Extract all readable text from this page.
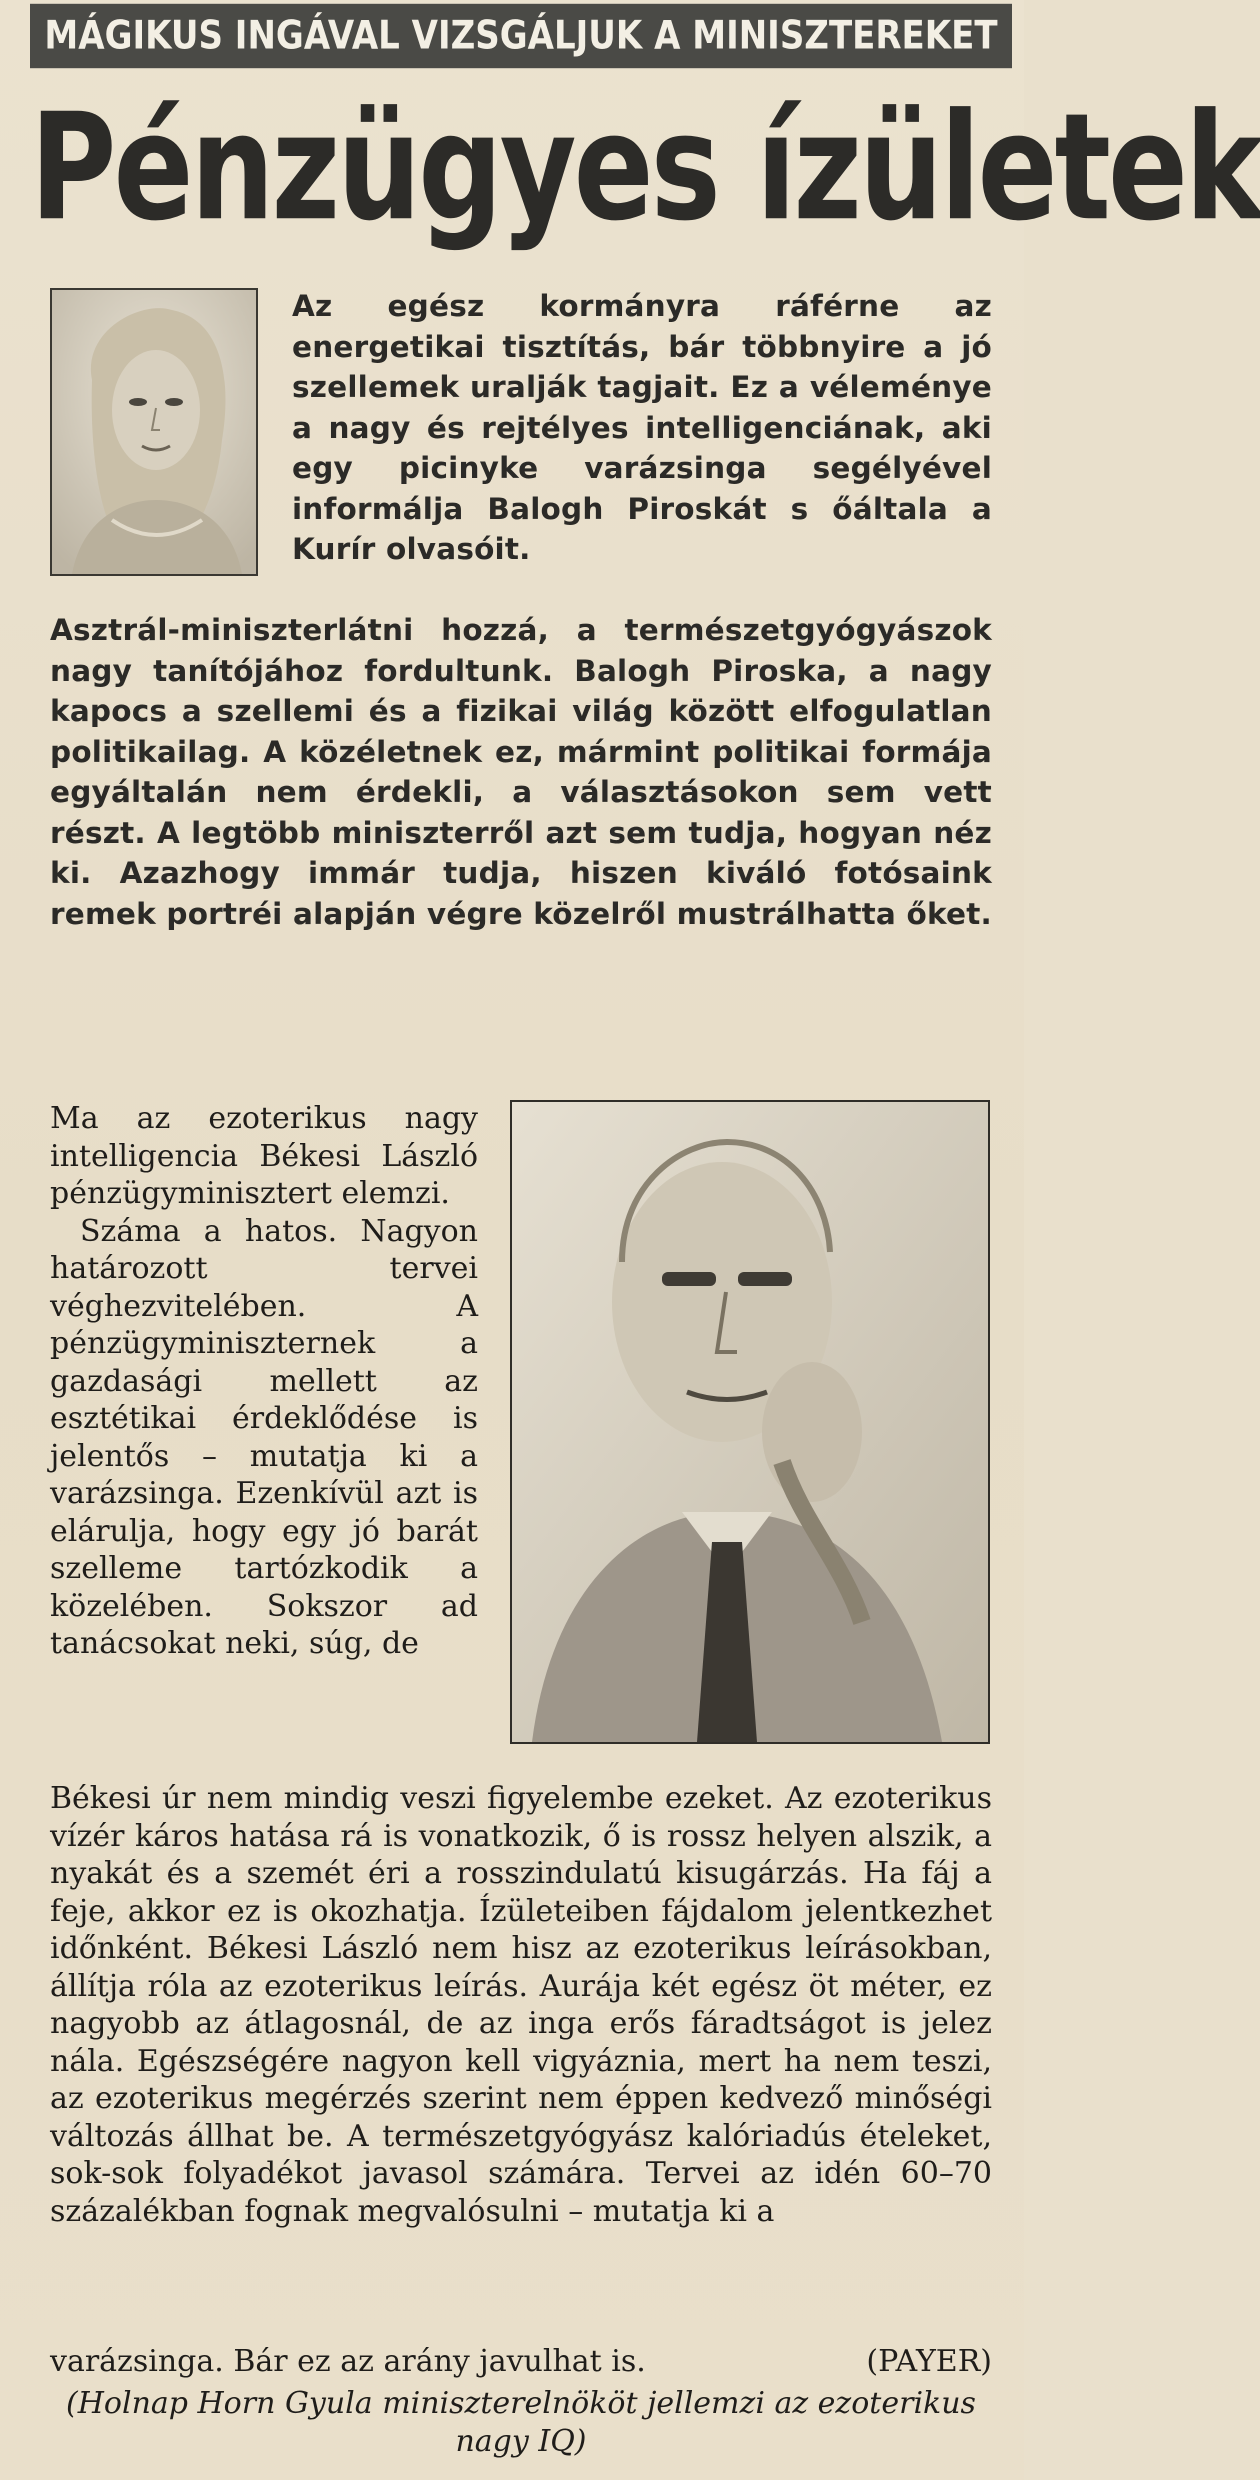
MÁGIKUS INGÁVAL VIZSGÁLJUK A MINISZTEREKET
Pénzügyes ízületek
Az egész kormányra ráférne az energetikai tisztítás, bár többnyire a jó szellemek uralják tagjait. Ez a véleménye a nagy és rejtélyes intelligenciának, aki egy picinyke varázsinga segélyével informálja Balogh Piroskát s őáltala a Kurír olvasóit.
Asztrál-miniszterlátni hozzá, a természetgyógyászok nagy tanítójához fordultunk. Balogh Piroska, a nagy kapocs a szellemi és a fizikai világ között elfogulatlan politikailag. A közéletnek ez, mármint politikai formája egyáltalán nem érdekli, a választásokon sem vett részt. A legtöbb miniszterről azt sem tudja, hogyan néz ki. Azazhogy immár tudja, hiszen kiváló fotósaink remek portréi alapján végre közelről mustrálhatta őket.

Ma az ezoterikus nagy intelligencia Békesi László pénzügyminisztert elemzi.

Száma a hatos. Nagyon határozott tervei véghezvitelében. A pénzügyminiszternek a gazdasági mellett az esztétikai érdeklődése is jelentős – mutatja ki a varázsinga. Ezenkívül azt is elárulja, hogy egy jó barát szelleme tartózkodik a közelében. Sokszor ad tanácsokat neki, súg, de

Békesi úr nem mindig veszi figyelembe ezeket. Az ezoterikus vízér káros hatása rá is vonatkozik, ő is rossz helyen alszik, a nyakát és a szemét éri a rosszindulatú kisugárzás. Ha fáj a feje, akkor ez is okozhatja. Ízületeiben fájdalom jelentkezhet időnként. Békesi László nem hisz az ezoterikus leírásokban, állítja róla az ezoterikus leírás. Aurája két egész öt méter, ez nagyobb az átlagosnál, de az inga erős fáradtságot is jelez nála. Egészségére nagyon kell vigyáznia, mert ha nem teszi, az ezoterikus megérzés szerint nem éppen kedvező minőségi változás állhat be. A természetgyógyász kalóriadús ételeket, sok-sok folyadékot javasol számára. Tervei az idén 60–70 százalékban fognak megvalósulni – mutatja ki a

varázsinga. Bár ez az arány javulhat is.	(PAYER)

(Holnap Horn Gyula miniszterelnököt jellemzi az ezoterikus nagy IQ)
